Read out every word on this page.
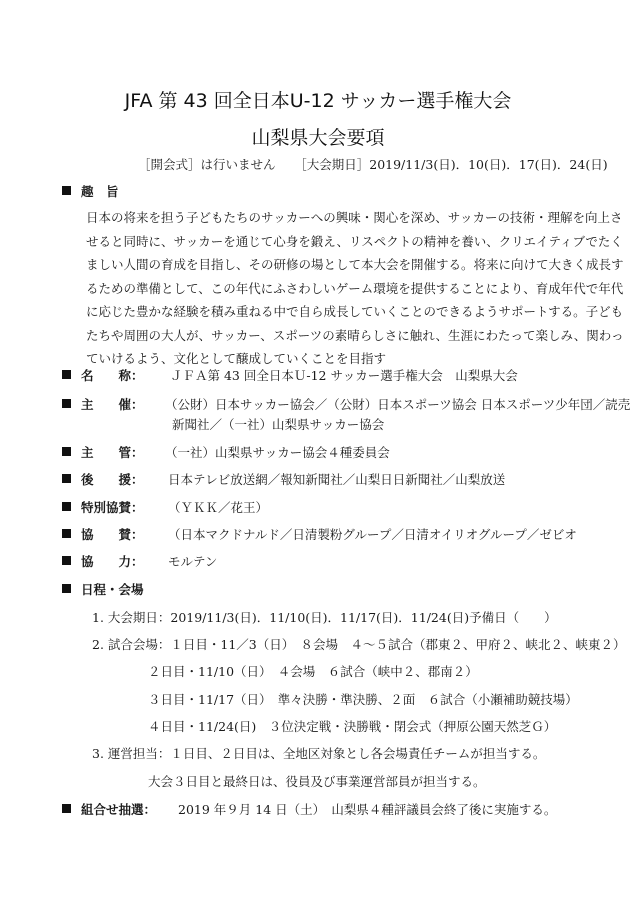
JFA 第 43 回全日本U-12 サッカー選手権大会
山梨県大会要項
［開会式］は行いません　　［大会期日］2019/11/3(日)．10(日)．17(日)．24(日)
趣　旨
日本の将来を担う子どもたちのサッカーへの興味・関心を深め、サッカーの技術・理解を向上さ
せると同時に、サッカーを通じて心身を鍛え、リスペクトの精神を養い、クリエイティブでたく
ましい人間の育成を目指し、その研修の場として本大会を開催する。将来に向けて大きく成長す
るための準備として、この年代にふさわしいゲーム環境を提供することにより、育成年代で年代
に応じた豊かな経験を積み重ねる中で自ら成長していくことのできるようサポートする。子ども
たちや周囲の大人が、サッカー、スポーツの素晴らしさに触れ、生涯にわたって楽しみ、関わっ
ていけるよう、文化として醸成していくことを目指す
名　　称： ＪＦＡ第 43 回全日本Ｕ-12 サッカー選手権大会　山梨県大会
主　　催： （公財）日本サッカー協会／（公財）日本スポーツ協会 日本スポーツ少年団／読売
新聞社／（一社）山梨県サッカー協会
主　　管： （一社）山梨県サッカー協会４種委員会
後　　援： 日本テレビ放送網／報知新聞社／山梨日日新聞社／山梨放送
特別協賛： （ＹＫＫ／花王）
協　　賛： （日本マクドナルド／日清製粉グループ／日清オイリオグループ／ゼビオ
協　　力： モルテン
日程・会場
1. 大会期日：2019/11/3(日)．11/10(日)．11/17(日)．11/24(日)予備日（　　）
2. 試合会場：１日目・11／3（日）　８会場　４～５試合（郡東２、甲府２、峡北２、峡東２）
２日目・11/10（日）　４会場　６試合（峡中２、郡南２）
３日目・11/17（日）　準々決勝・準決勝、２面　６試合（小瀬補助競技場）
４日目・11/24(日)　３位決定戦・決勝戦・閉会式（押原公園天然芝Ｇ）
3. 運営担当：１日目、２日目は、全地区対象とし各会場責任チームが担当する。
大会３日目と最終日は、役員及び事業運営部員が担当する。
組合せ抽選： 2019 年９月 14 日（土）　山梨県４種評議員会終了後に実施する。
